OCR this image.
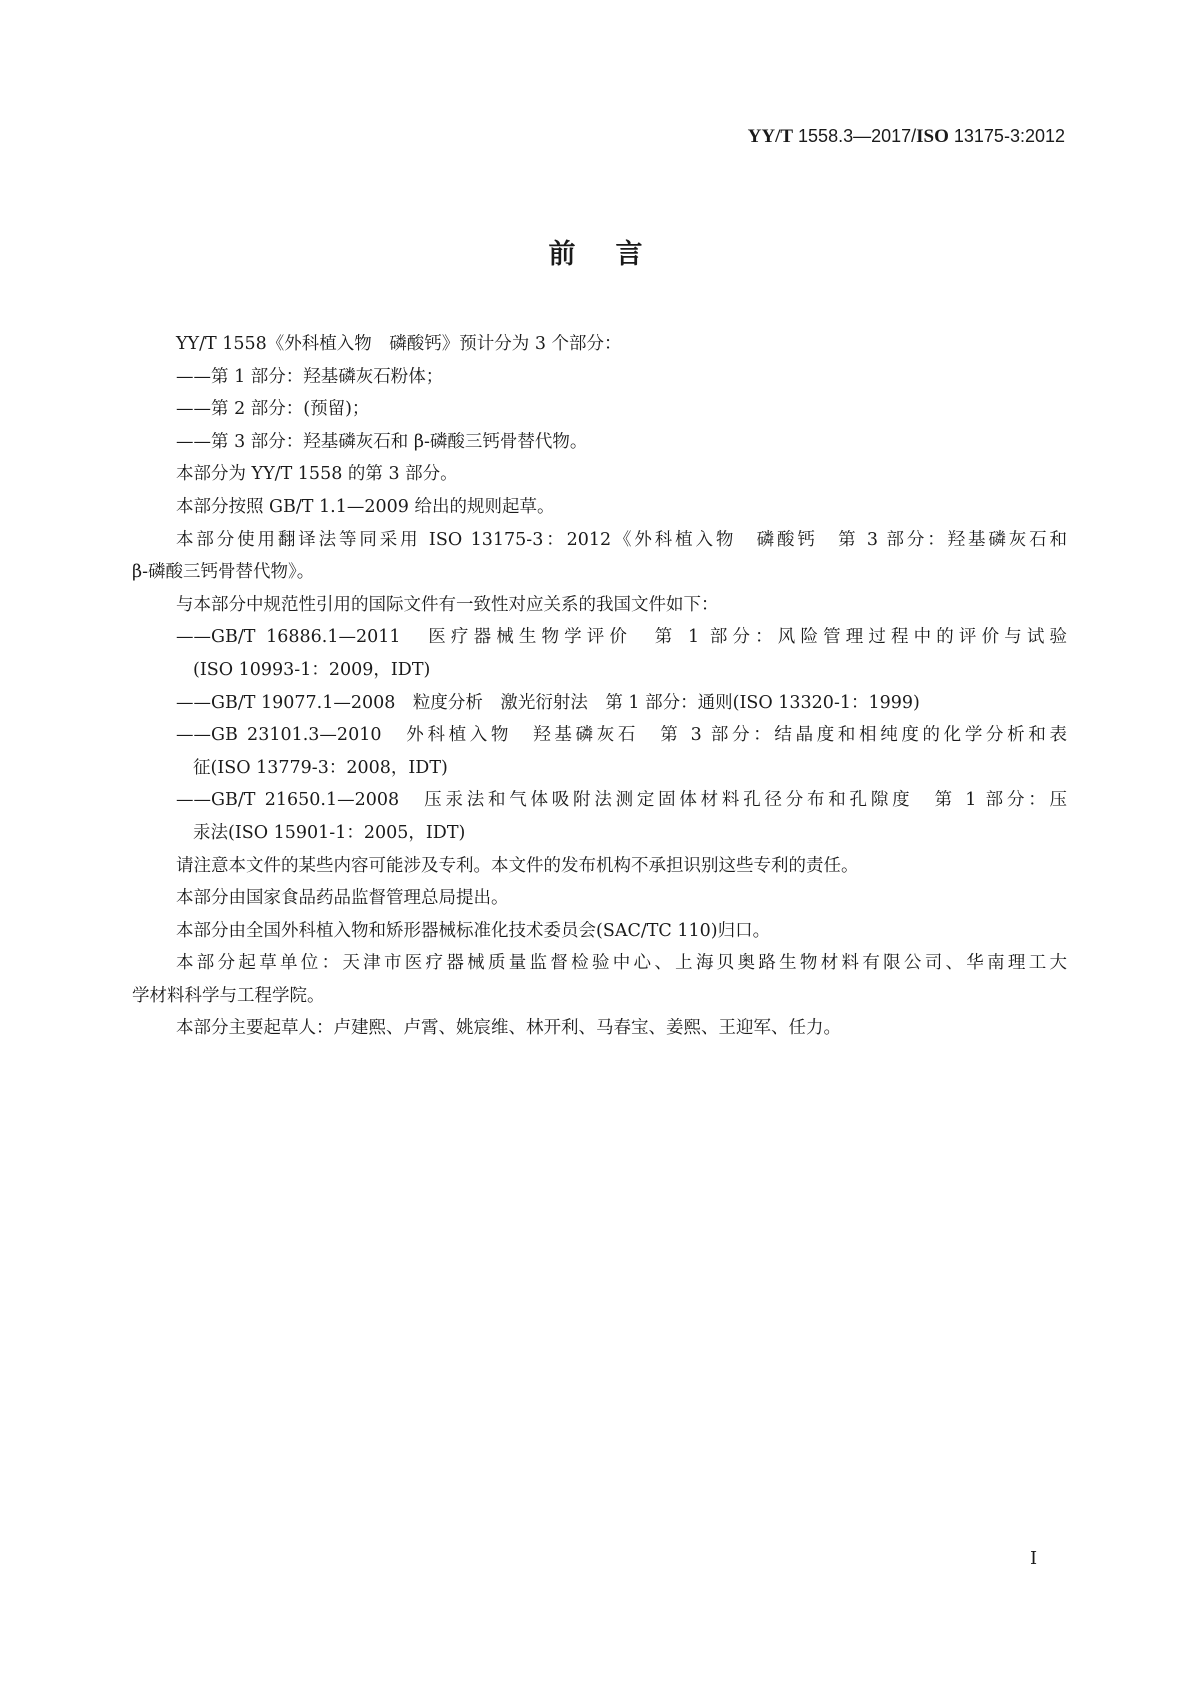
YY/T 1558.3—2017/ISO 13175-3:2012
前言
YY/T 1558《外科植入物　磷酸钙》预计分为 3 个部分：
——第 1 部分：羟基磷灰石粉体；
——第 2 部分：(预留)；
——第 3 部分：羟基磷灰石和 β-磷酸三钙骨替代物。
本部分为 YY/T 1558 的第 3 部分。
本部分按照 GB/T 1.1—2009 给出的规则起草。
本部分使用翻译法等同采用 ISO 13175-3：2012《外科植入物　磷酸钙　第 3 部分：羟基磷灰石和
β-磷酸三钙骨替代物》。
与本部分中规范性引用的国际文件有一致性对应关系的我国文件如下：
——GB/T 16886.1—2011　医疗器械生物学评价　第 1 部分：风险管理过程中的评价与试验
(ISO 10993-1：2009，IDT)
——GB/T 19077.1—2008　粒度分析　激光衍射法　第 1 部分：通则(ISO 13320-1：1999)
——GB 23101.3—2010　外科植入物　羟基磷灰石　第 3 部分：结晶度和相纯度的化学分析和表
征(ISO 13779-3：2008，IDT)
——GB/T 21650.1—2008　压汞法和气体吸附法测定固体材料孔径分布和孔隙度　第 1 部分：压
汞法(ISO 15901-1：2005，IDT)
请注意本文件的某些内容可能涉及专利。本文件的发布机构不承担识别这些专利的责任。
本部分由国家食品药品监督管理总局提出。
本部分由全国外科植入物和矫形器械标准化技术委员会(SAC/TC 110)归口。
本部分起草单位：天津市医疗器械质量监督检验中心、上海贝奥路生物材料有限公司、华南理工大
学材料科学与工程学院。
本部分主要起草人：卢建熙、卢霄、姚宸维、林开利、马春宝、姜熙、王迎军、任力。
I
